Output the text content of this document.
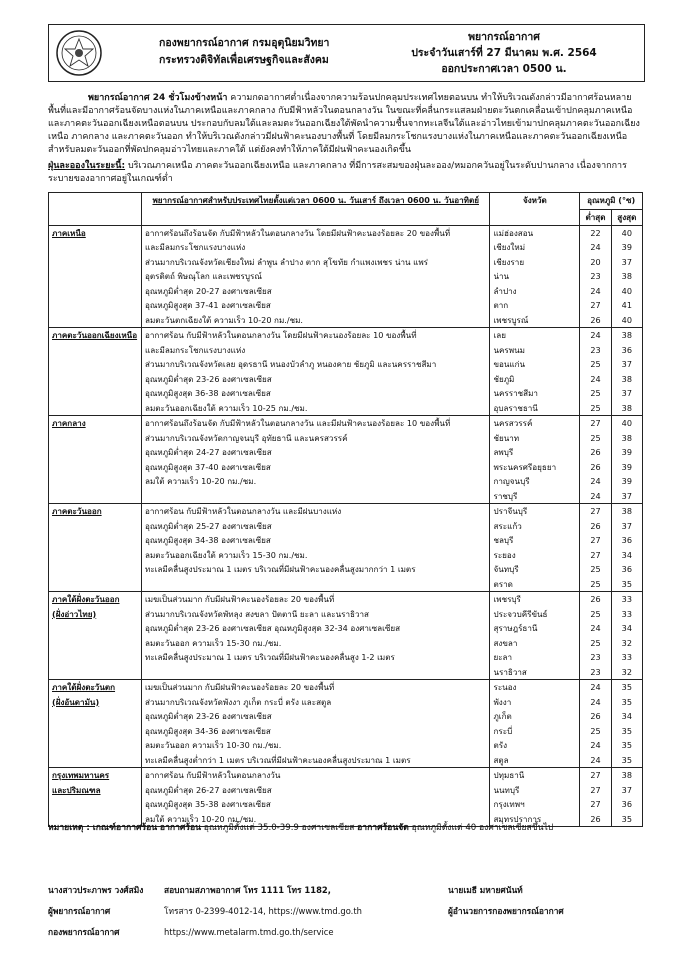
กองพยากรณ์อากาศ กรมอุตุนิยมวิทยา
กระทรวงดิจิทัลเพื่อเศรษฐกิจและสังคม
พยากรณ์อากาศ
ประจำวันเสาร์ที่ 27 มีนาคม พ.ศ. 2564
ออกประกาศเวลา 0500 น.
พยากรณ์อากาศ 24 ชั่วโมงข้างหน้า ความกดอากาศต่ำเนื่องจากความร้อนปกคลุมประเทศไทยตอนบน ทำให้บริเวณดังกล่าวมีอากาศร้อนหลายพื้นที่และมีอากาศร้อนจัดบางแห่งในภาคเหนือและภาคกลาง กับมีฟ้าหลัวในตอนกลางวัน ในขณะที่คลื่นกระแสลมฝ่ายตะวันตกเคลื่อนเข้าปกคลุมภาคเหนือและภาคตะวันออกเฉียงเหนือตอนบน ประกอบกับลมใต้และลมตะวันออกเฉียงใต้พัดนำความชื้นจากทะเลจีนใต้และอ่าวไทยเข้ามาปกคลุมภาคตะวันออกเฉียงเหนือ ภาคกลาง และภาคตะวันออก ทำให้บริเวณดังกล่าวมีฝนฟ้าคะนองบางพื้นที่ โดยมีลมกระโชกแรงบางแห่งในภาคเหนือและภาคตะวันออกเฉียงเหนือ สำหรับลมตะวันออกที่พัดปกคลุมอ่าวไทยและภาคใต้ แต่ยังคงทำให้ภาคใต้มีฝนฟ้าคะนองเกิดขึ้น
ฝุ่นละอองในระยะนี้: บริเวณภาคเหนือ ภาคตะวันออกเฉียงเหนือ และภาคกลาง ที่มีการสะสมของฝุ่นละออง/หมอกควันอยู่ในระดับปานกลาง เนื่องจากการระบายของอากาศอยู่ในเกณฑ์ต่ำ
	พยากรณ์อากาศสำหรับประเทศไทยตั้งแต่เวลา 0600 น. วันเสาร์ ถึงเวลา 0600 น. วันอาทิตย์	จังหวัด	อุณหภูมิ (°ซ)	
			ต่ำสุด	สูงสุด
ภาคเหนือ	อากาศร้อนถึงร้อนจัด กับมีฟ้าหลัวในตอนกลางวัน โดยมีฝนฟ้าคะนองร้อยละ 20 ของพื้นที่	แม่ฮ่องสอน	22	40
	และมีลมกระโชกแรงบางแห่ง	เชียงใหม่	24	39
	ส่วนมากบริเวณจังหวัดเชียงใหม่ ลำพูน ลำปาง ตาก สุโขทัย กำแพงเพชร น่าน แพร่	เชียงราย	20	37
	อุตรดิตถ์ พิษณุโลก และเพชรบูรณ์	น่าน	23	38
	อุณหภูมิต่ำสุด 20-27 องศาเซลเซียส	ลำปาง	24	40
	อุณหภูมิสูงสุด 37-41 องศาเซลเซียส	ตาก	27	41
	ลมตะวันตกเฉียงใต้ ความเร็ว 10-20 กม./ชม.	เพชรบูรณ์	26	40
ภาคตะวันออกเฉียงเหนือ	อากาศร้อน กับมีฟ้าหลัวในตอนกลางวัน โดยมีฝนฟ้าคะนองร้อยละ 10 ของพื้นที่	เลย	24	38
	และมีลมกระโชกแรงบางแห่ง	นครพนม	23	36
	ส่วนมากบริเวณจังหวัดเลย อุดรธานี หนองบัวลำภู หนองคาย ชัยภูมิ และนครราชสีมา	ขอนแก่น	25	37
	อุณหภูมิต่ำสุด 23-26 องศาเซลเซียส	ชัยภูมิ	24	38
	อุณหภูมิสูงสุด 36-38 องศาเซลเซียส	นครราชสีมา	25	37
	ลมตะวันออกเฉียงใต้ ความเร็ว 10-25 กม./ชม.	อุบลราชธานี	25	38
ภาคกลาง	อากาศร้อนถึงร้อนจัด กับมีฟ้าหลัวในตอนกลางวัน และมีฝนฟ้าคะนองร้อยละ 10 ของพื้นที่	นครสวรรค์	27	40
	ส่วนมากบริเวณจังหวัดกาญจนบุรี อุทัยธานี และนครสวรรค์	ชัยนาท	25	38
	อุณหภูมิต่ำสุด 24-27 องศาเซลเซียส	ลพบุรี	26	39
	อุณหภูมิสูงสุด 37-40 องศาเซลเซียส	พระนครศรีอยุธยา	26	39
	ลมใต้ ความเร็ว 10-20 กม./ชม.	กาญจนบุรี	24	39
		ราชบุรี	24	37
ภาคตะวันออก	อากาศร้อน กับมีฟ้าหลัวในตอนกลางวัน และมีฝนบางแห่ง	ปราจีนบุรี	27	38
	อุณหภูมิต่ำสุด 25-27 องศาเซลเซียส	สระแก้ว	26	37
	อุณหภูมิสูงสุด 34-38 องศาเซลเซียส	ชลบุรี	27	36
	ลมตะวันออกเฉียงใต้ ความเร็ว 15-30 กม./ชม.	ระยอง	27	34
	ทะเลมีคลื่นสูงประมาณ 1 เมตร บริเวณที่มีฝนฟ้าคะนองคลื่นสูงมากกว่า 1 เมตร	จันทบุรี	25	36
		ตราด	25	35
ภาคใต้ฝั่งตะวันออก	เมฆเป็นส่วนมาก กับมีฝนฟ้าคะนองร้อยละ 20 ของพื้นที่	เพชรบุรี	26	33
(ฝั่งอ่าวไทย)	ส่วนมากบริเวณจังหวัดพัทลุง สงขลา ปัตตานี ยะลา และนราธิวาส	ประจวบคีรีขันธ์	25	33
	อุณหภูมิต่ำสุด 23-26 องศาเซลเซียส อุณหภูมิสูงสุด 32-34 องศาเซลเซียส	สุราษฎร์ธานี	24	34
	ลมตะวันออก ความเร็ว 15-30 กม./ชม.	สงขลา	25	32
	ทะเลมีคลื่นสูงประมาณ 1 เมตร บริเวณที่มีฝนฟ้าคะนองคลื่นสูง 1-2 เมตร	ยะลา	23	33
		นราธิวาส	23	32
ภาคใต้ฝั่งตะวันตก	เมฆเป็นส่วนมาก กับมีฝนฟ้าคะนองร้อยละ 20 ของพื้นที่	ระนอง	24	35
(ฝั่งอันดามัน)	ส่วนมากบริเวณจังหวัดพังงา ภูเก็ต กระบี่ ตรัง และสตูล	พังงา	24	35
	อุณหภูมิต่ำสุด 23-26 องศาเซลเซียส	ภูเก็ต	26	34
	อุณหภูมิสูงสุด 34-36 องศาเซลเซียส	กระบี่	25	35
	ลมตะวันออก ความเร็ว 10-30 กม./ชม.	ตรัง	24	35
	ทะเลมีคลื่นสูงต่ำกว่า 1 เมตร บริเวณที่มีฝนฟ้าคะนองคลื่นสูงประมาณ 1 เมตร	สตูล	24	35
กรุงเทพมหานคร	อากาศร้อน กับมีฟ้าหลัวในตอนกลางวัน	ปทุมธานี	27	38
และปริมณฑล	อุณหภูมิต่ำสุด 26-27 องศาเซลเซียส	นนทบุรี	27	37
	อุณหภูมิสูงสุด 35-38 องศาเซลเซียส	กรุงเทพฯ	27	36
	ลมใต้ ความเร็ว 10-20 กม./ชม.	สมุทรปราการ	26	35
หมายเหตุ : เกณฑ์อากาศร้อน อากาศร้อน อุณหภูมิตั้งแต่ 35.0-39.9 องศาเซลเซียส อากาศร้อนจัด อุณหภูมิตั้งแต่ 40 องศาเซลเซียสขึ้นไป
นางสาวประภาพร วงศ์สมิง
ผู้พยากรณ์อากาศ
กองพยากรณ์อากาศ
สอบถามสภาพอากาศ โทร 1111 โทร 1182,
โทรสาร 0-2399-4012-14, https://www.tmd.go.th
https://www.metalarm.tmd.go.th/service
นายเมธี มหายศนันท์
ผู้อำนวยการกองพยากรณ์อากาศ
